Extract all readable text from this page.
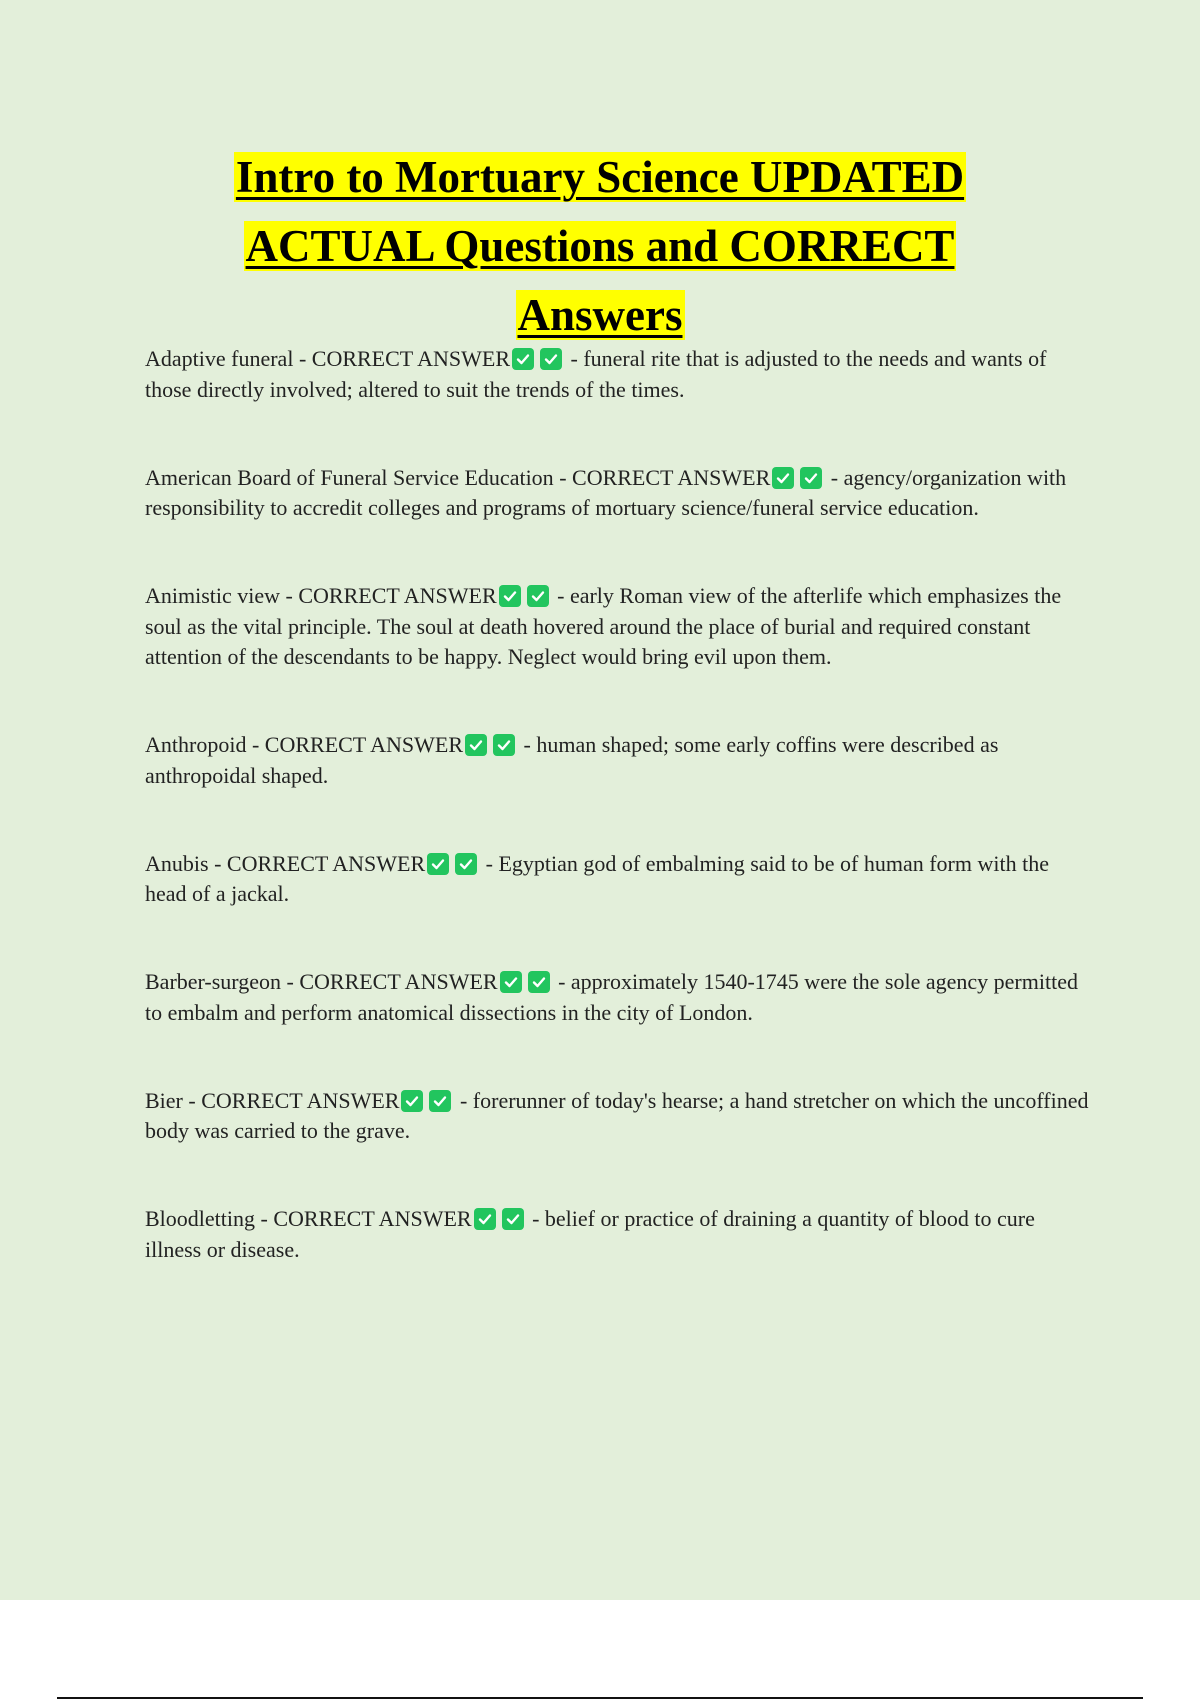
Intro to Mortuary Science UPDATED
ACTUAL Questions and CORRECT
Answers

Adaptive funeral - CORRECT ANSWER	- funeral rite that is adjusted to the needs and wants of those directly involved; altered to suit the trends of the times.

American Board of Funeral Service Education - CORRECT ANSWER	- agency/organization with responsibility to accredit colleges and programs of mortuary science/funeral service education.

Animistic view - CORRECT ANSWER	- early Roman view of the afterlife which emphasizes the soul as the vital principle. The soul at death hovered around the place of burial and required constant attention of the descendants to be happy. Neglect would bring evil upon them.

Anthropoid - CORRECT ANSWER	- human shaped; some early coffins were described as anthropoidal shaped.

Anubis - CORRECT ANSWER	- Egyptian god of embalming said to be of human form with the head of a jackal.

Barber-surgeon - CORRECT ANSWER	- approximately 1540-1745 were the sole agency permitted to embalm and perform anatomical dissections in the city of London.

Bier - CORRECT ANSWER	- forerunner of today's hearse; a hand stretcher on which the uncoffined body was carried to the grave.

Bloodletting - CORRECT ANSWER	- belief or practice of draining a quantity of blood to cure illness or disease.
